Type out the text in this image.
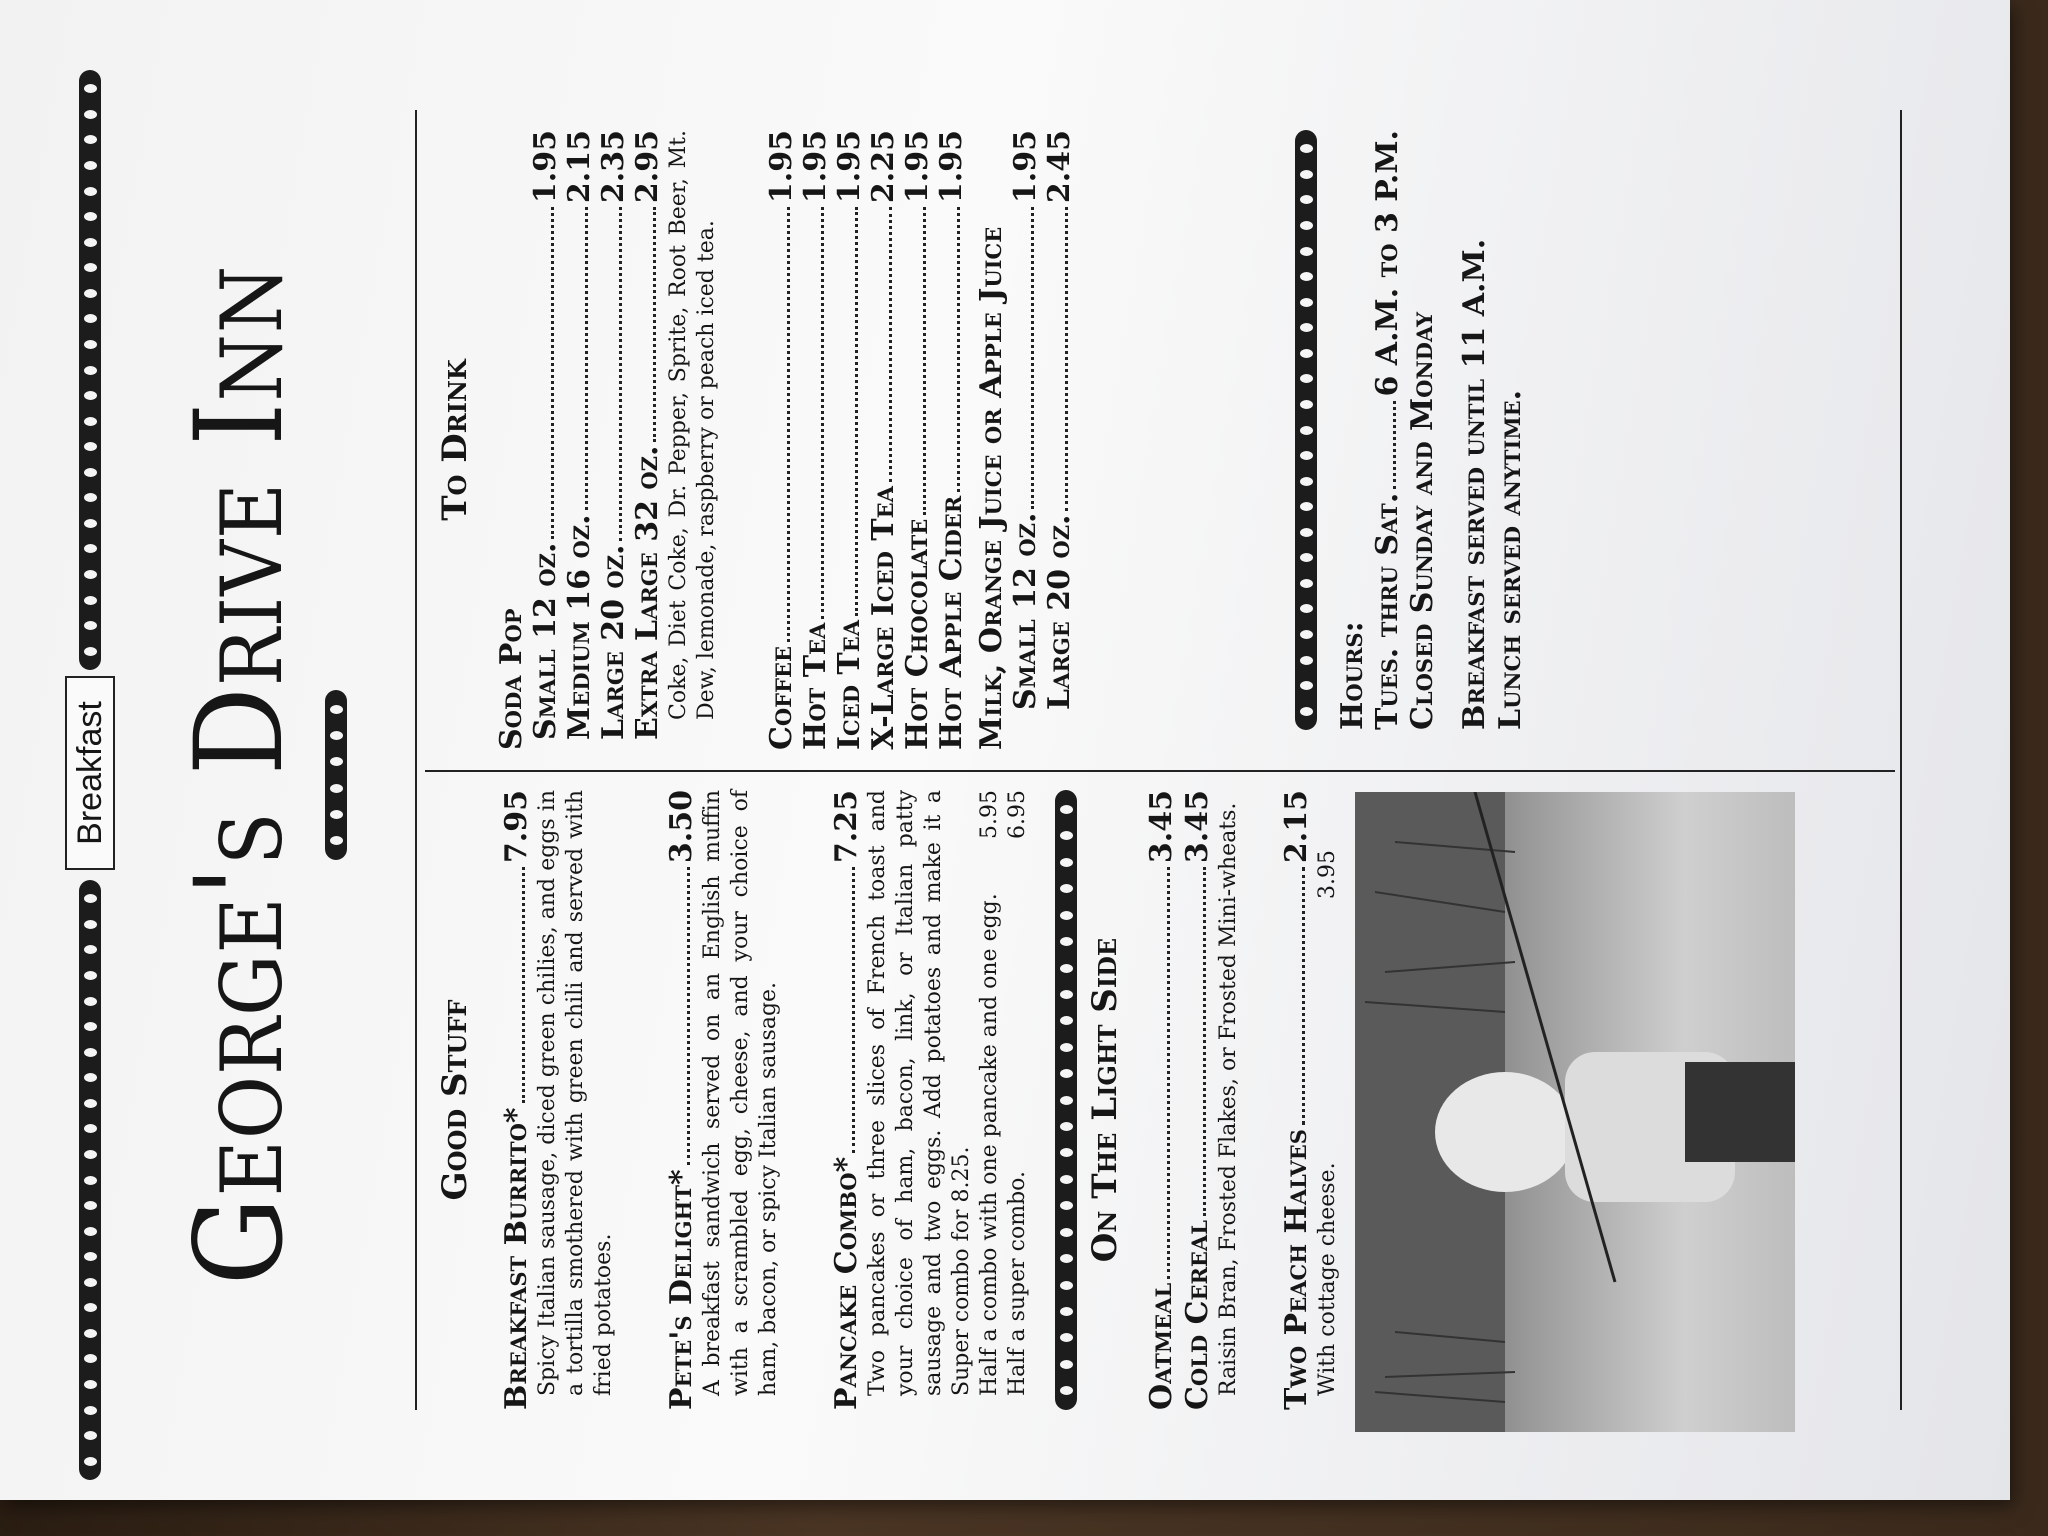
Breakfast George's Drive Inn	Good Stuff
Breakfast Burrito*
7.95 Spicy Italian sausage, diced green chilies, and eggs in a tortilla smothered with green chili and served with fried potatoes. Pete's Delight*
3.50 A breakfast sandwich served on an English muffin with a scrambled egg, cheese, and your choice of ham, bacon, or spicy Italian sausage. Pancake Combo*
7.25 Two pancakes or three slices of French toast and your choice of ham, bacon, link, or Italian patty sausage and two eggs. Add potatoes and make it a Super combo for 8.25. Half a combo with one pancake and one egg.
5.95
Half a super combo.
6.95
On The Light Side
Oatmeal
3.45
Cold Cereal
3.45 Raisin Bran, Frosted Flakes, or Frosted Mini-wheats. Two Peach Halves
2.15
With cottage cheese.
3.95
To Drink
Soda Pop Small 12 oz.
1.95
Medium 16 oz.
2.15
Large 20 oz.
2.35
Extra Large 32 oz.
2.95 Coke, Diet Coke, Dr. Pepper, Sprite, Root Beer, Mt. Dew, lemonade, raspberry or peach iced tea. Coffee
1.95
Hot Tea
1.95
Iced Tea
1.95
X-Large Iced Tea
2.25
Hot Chocolate
1.95
Hot Apple Cider
1.95
Milk, Orange Juice or Apple Juice Small 12 oz.
1.95
Large 20 oz.
2.45
Hours: Tues. thru Sat.
6 A.M. to 3 P.M.
Closed Sunday and Monday Breakfast served until 11 A.M. Lunch served anytime.
